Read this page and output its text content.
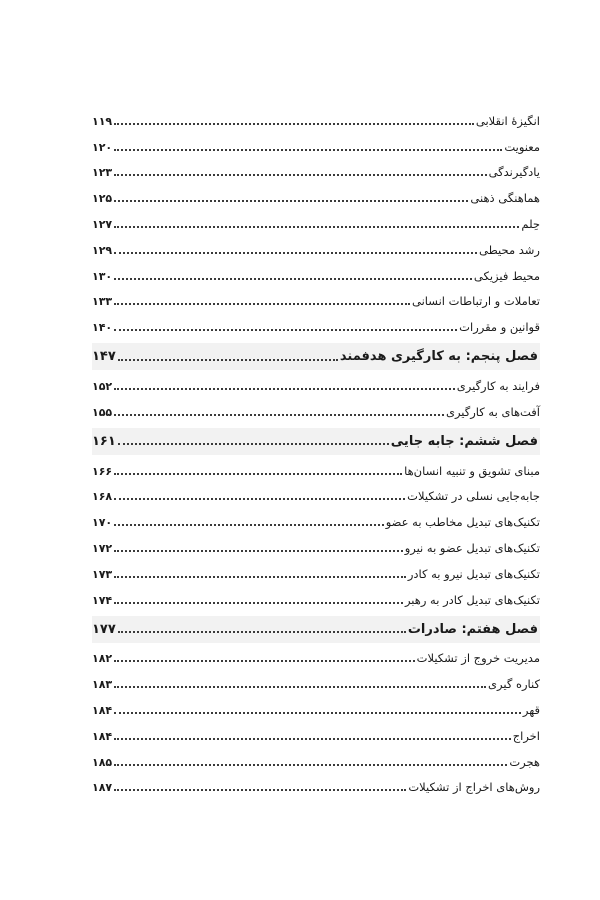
انگیزۀ انقلابی
۱۱۹
معنویت
۱۲۰
یادگیرندگی
۱۲۳
هماهنگی ذهنی
۱۲۵
حِلم
۱۲۷
رشد محیطی
۱۲۹
محیط فیزیکی
۱۳۰
تعاملات و ارتباطات انسانی
۱۳۳
قوانین و مقررات
۱۴۰
فصل پنجم: به کارگیری هدفمند
۱۴۷
فرایند به کارگیری
۱۵۲
آفت‌های به کارگیری
۱۵۵
فصل ششم: جابه جایی
۱۶۱
مبنای تشویق و تنبیه انسان‌ها
۱۶۶
جابه‌جایی نسلی در تشکیلات
۱۶۸
تکنیک‌های تبدیل مخاطب به عضو
۱۷۰
تکنیک‌های تبدیل عضو به نیرو
۱۷۲
تکنیک‌های تبدیل نیرو به کادر
۱۷۳
تکنیک‌های تبدیل کادر به رهبر
۱۷۴
فصل هفتم: صادرات
۱۷۷
مدیریت خروج از تشکیلات
۱۸۲
کناره گیری
۱۸۳
قهر
۱۸۴
اخراج
۱۸۴
هجرت
۱۸۵
روش‌های اخراج از تشکیلات
۱۸۷
